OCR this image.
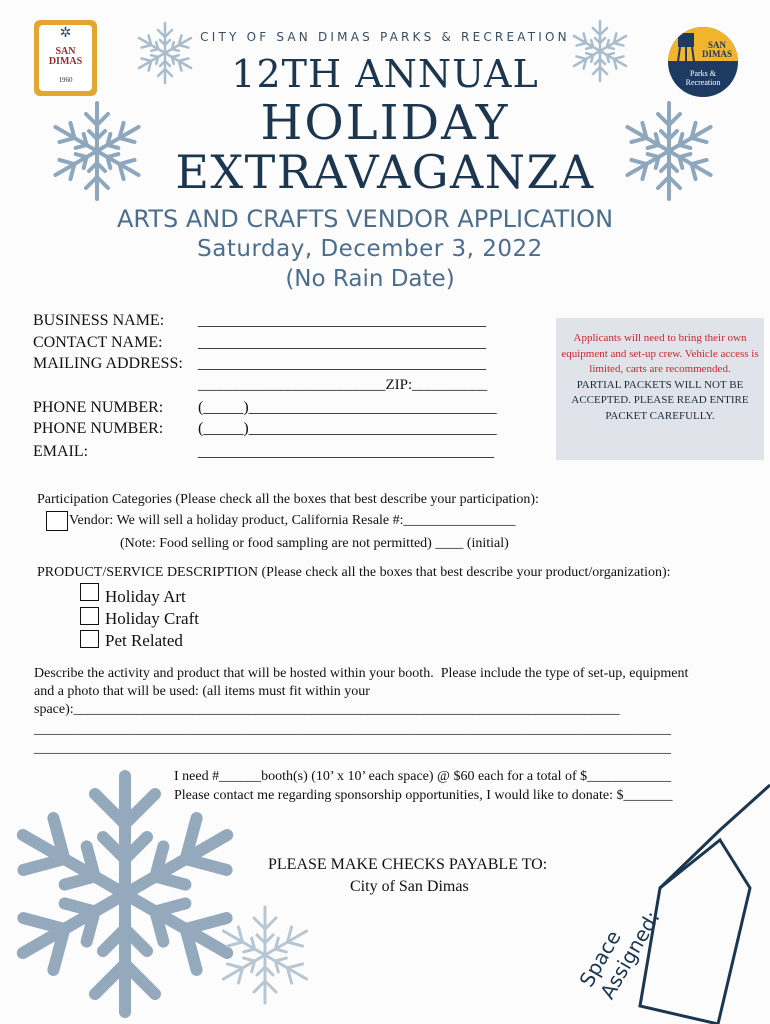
✲
SAN
DIMAS
1960
SAN
DIMAS
Parks & Recreation
CITY OF SAN DIMAS PARKS & RECREATION
12TH ANNUAL
HOLIDAY
EXTRAVAGANZA
ARTS AND CRAFTS VENDOR APPLICATION
Saturday, December 3, 2022
(No Rain Date)
BUSINESS NAME:
CONTACT NAME:
MAILING ADDRESS:
PHONE NUMBER:
PHONE NUMBER:
EMAIL:
____________________________________
____________________________________
____________________________________
_________________________ZIP:__________
(_____)_______________________________
(_____)_______________________________
_____________________________________
Applicants will need to bring their own equipment and set-up crew. Vehicle access is limited, carts are recommended.
PARTIAL PACKETS WILL NOT BE ACCEPTED. PLEASE READ ENTIRE PACKET CAREFULLY.
Participation Categories (Please check all the boxes that best describe your participation):
Vendor: We will sell a holiday product, California Resale #:________________
(Note: Food selling or food sampling are not permitted) ____ (initial)
PRODUCT/SERVICE DESCRIPTION (Please check all the boxes that best describe your product/organization):
Holiday Art
Holiday Craft
Pet Related
Describe the activity and product that will be hosted within your booth.  Please include the type of set-up, equipment
and a photo that will be used: (all items must fit within your
space):______________________________________________________________________________
___________________________________________________________________________________________
___________________________________________________________________________________________
I need #______booth(s) (10’ x 10’ each space) @ $60 each for a total of $____________
Please contact me regarding sponsorship opportunities, I would like to donate: $_______
PLEASE MAKE CHECKS PAYABLE TO:
City of San Dimas
Space Assigned:
